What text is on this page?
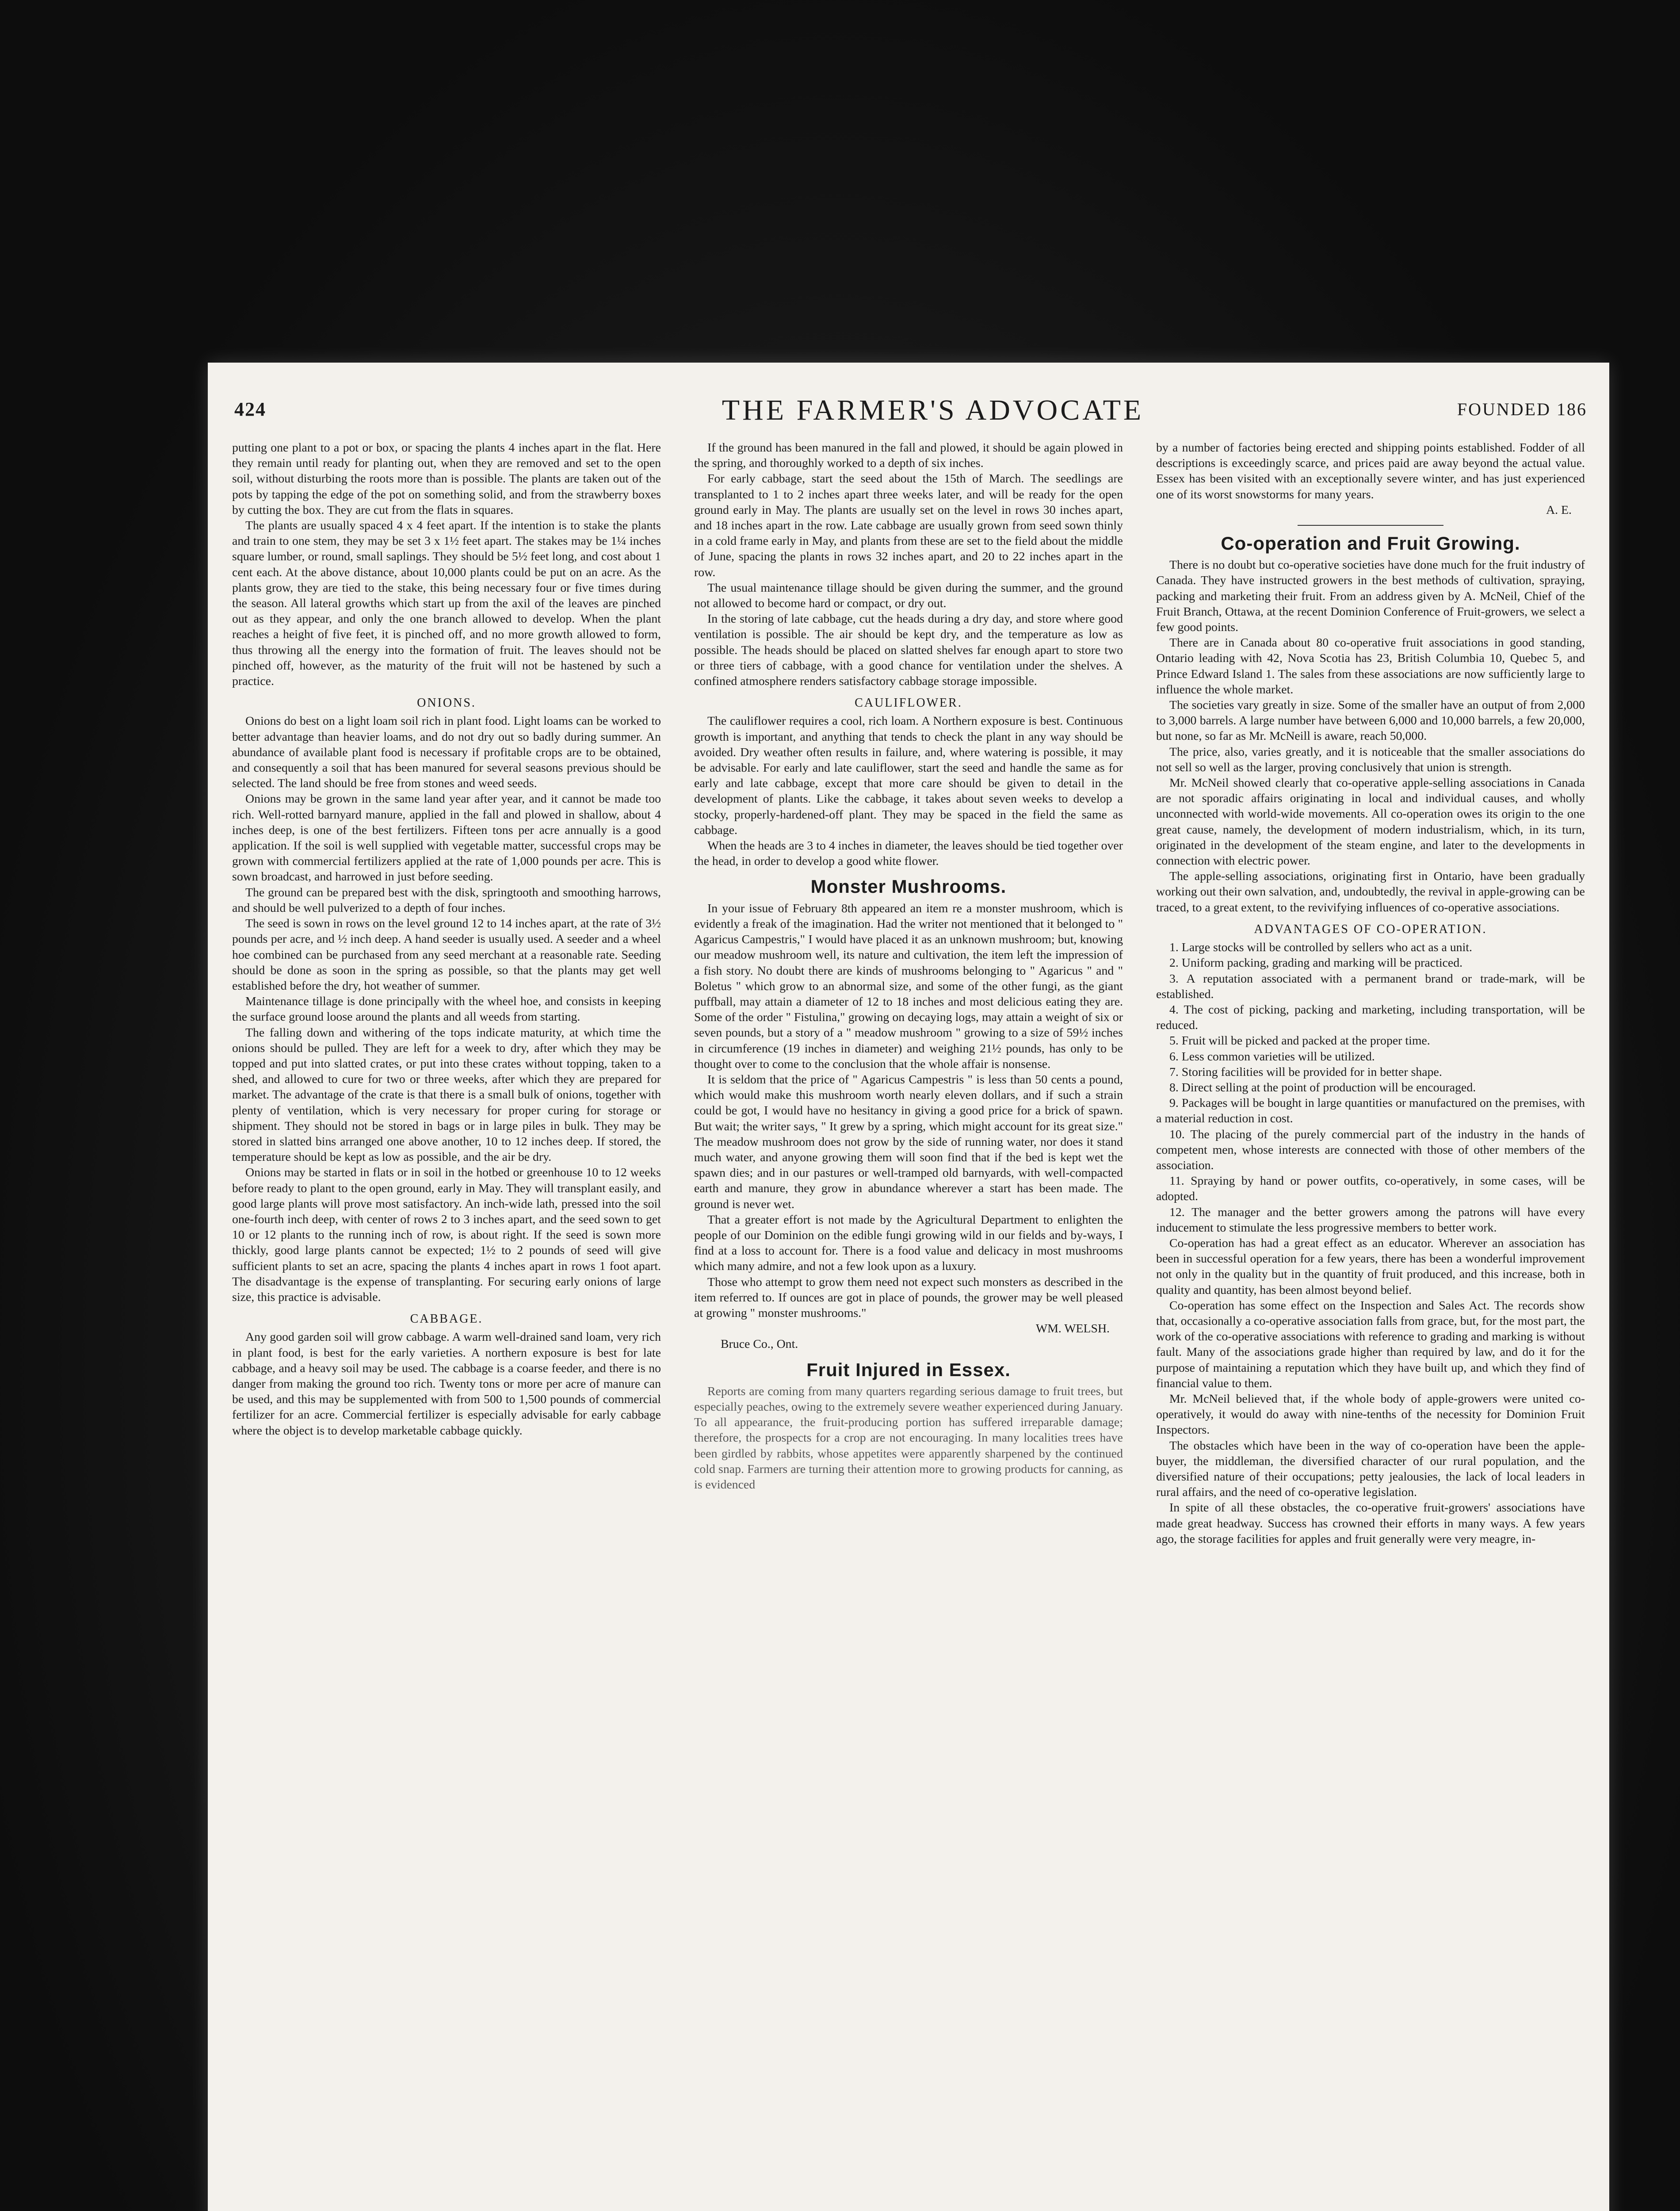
424	THE FARMER'S ADVOCATE	FOUNDED 186

putting one plant to a pot or box, or spacing the plants 4 inches apart in the flat. Here they remain until ready for planting out, when they are removed and set to the open soil, without disturbing the roots more than is possible. The plants are taken out of the pots by tapping the edge of the pot on something solid, and from the strawberry boxes by cutting the box. They are cut from the flats in squares.

The plants are usually spaced 4 x 4 feet apart. If the intention is to stake the plants and train to one stem, they may be set 3 x 1½ feet apart. The stakes may be 1¼ inches square lumber, or round, small saplings. They should be 5½ feet long, and cost about 1 cent each. At the above distance, about 10,000 plants could be put on an acre. As the plants grow, they are tied to the stake, this being necessary four or five times during the season. All lateral growths which start up from the axil of the leaves are pinched out as they appear, and only the one branch allowed to develop. When the plant reaches a height of five feet, it is pinched off, and no more growth allowed to form, thus throwing all the energy into the formation of fruit. The leaves should not be pinched off, however, as the maturity of the fruit will not be hastened by such a practice.

ONIONS.

Onions do best on a light loam soil rich in plant food. Light loams can be worked to better advantage than heavier loams, and do not dry out so badly during summer. An abundance of available plant food is necessary if profitable crops are to be obtained, and consequently a soil that has been manured for several seasons previous should be selected. The land should be free from stones and weed seeds.

Onions may be grown in the same land year after year, and it cannot be made too rich. Well-rotted barnyard manure, applied in the fall and plowed in shallow, about 4 inches deep, is one of the best fertilizers. Fifteen tons per acre annually is a good application. If the soil is well supplied with vegetable matter, successful crops may be grown with commercial fertilizers applied at the rate of 1,000 pounds per acre. This is sown broadcast, and harrowed in just before seeding.

The ground can be prepared best with the disk, springtooth and smoothing harrows, and should be well pulverized to a depth of four inches.

The seed is sown in rows on the level ground 12 to 14 inches apart, at the rate of 3½ pounds per acre, and ½ inch deep. A hand seeder is usually used. A seeder and a wheel hoe combined can be purchased from any seed merchant at a reasonable rate. Seeding should be done as soon in the spring as possible, so that the plants may get well established before the dry, hot weather of summer.

Maintenance tillage is done principally with the wheel hoe, and consists in keeping the surface ground loose around the plants and all weeds from starting.

The falling down and withering of the tops indicate maturity, at which time the onions should be pulled. They are left for a week to dry, after which they may be topped and put into slatted crates, or put into these crates without topping, taken to a shed, and allowed to cure for two or three weeks, after which they are prepared for market. The advantage of the crate is that there is a small bulk of onions, together with plenty of ventilation, which is very necessary for proper curing for storage or shipment. They should not be stored in bags or in large piles in bulk. They may be stored in slatted bins arranged one above another, 10 to 12 inches deep. If stored, the temperature should be kept as low as possible, and the air be dry.

Onions may be started in flats or in soil in the hotbed or greenhouse 10 to 12 weeks before ready to plant to the open ground, early in May. They will transplant easily, and good large plants will prove most satisfactory. An inch-wide lath, pressed into the soil one-fourth inch deep, with center of rows 2 to 3 inches apart, and the seed sown to get 10 or 12 plants to the running inch of row, is about right. If the seed is sown more thickly, good large plants cannot be expected; 1½ to 2 pounds of seed will give sufficient plants to set an acre, spacing the plants 4 inches apart in rows 1 foot apart. The disadvantage is the expense of transplanting. For securing early onions of large size, this practice is advisable.

CABBAGE.

Any good garden soil will grow cabbage. A warm well-drained sand loam, very rich in plant food, is best for the early varieties. A northern exposure is best for late cabbage, and a heavy soil may be used. The cabbage is a coarse feeder, and there is no danger from making the ground too rich. Twenty tons or more per acre of manure can be used, and this may be supplemented with from 500 to 1,500 pounds of commercial fertilizer for an acre. Commercial fertilizer is especially advisable for early cabbage where the object is to develop marketable cabbage quickly.

If the ground has been manured in the fall and plowed, it should be again plowed in the spring, and thoroughly worked to a depth of six inches.

For early cabbage, start the seed about the 15th of March. The seedlings are transplanted to 1 to 2 inches apart three weeks later, and will be ready for the open ground early in May. The plants are usually set on the level in rows 30 inches apart, and 18 inches apart in the row. Late cabbage are usually grown from seed sown thinly in a cold frame early in May, and plants from these are set to the field about the middle of June, spacing the plants in rows 32 inches apart, and 20 to 22 inches apart in the row.

The usual maintenance tillage should be given during the summer, and the ground not allowed to become hard or compact, or dry out.

In the storing of late cabbage, cut the heads during a dry day, and store where good ventilation is possible. The air should be kept dry, and the temperature as low as possible. The heads should be placed on slatted shelves far enough apart to store two or three tiers of cabbage, with a good chance for ventilation under the shelves. A confined atmosphere renders satisfactory cabbage storage impossible.

CAULIFLOWER.

The cauliflower requires a cool, rich loam. A Northern exposure is best. Continuous growth is important, and anything that tends to check the plant in any way should be avoided. Dry weather often results in failure, and, where watering is possible, it may be advisable. For early and late cauliflower, start the seed and handle the same as for early and late cabbage, except that more care should be given to detail in the development of plants. Like the cabbage, it takes about seven weeks to develop a stocky, properly-hardened-off plant. They may be spaced in the field the same as cabbage.

When the heads are 3 to 4 inches in diameter, the leaves should be tied together over the head, in order to develop a good white flower.

Monster Mushrooms.

In your issue of February 8th appeared an item re a monster mushroom, which is evidently a freak of the imagination. Had the writer not mentioned that it belonged to " Agaricus Campestris," I would have placed it as an unknown mushroom; but, knowing our meadow mushroom well, its nature and cultivation, the item left the impression of a fish story. No doubt there are kinds of mushrooms belonging to " Agaricus " and " Boletus " which grow to an abnormal size, and some of the other fungi, as the giant puffball, may attain a diameter of 12 to 18 inches and most delicious eating they are. Some of the order " Fistulina," growing on decaying logs, may attain a weight of six or seven pounds, but a story of a " meadow mushroom " growing to a size of 59½ inches in circumference (19 inches in diameter) and weighing 21½ pounds, has only to be thought over to come to the conclusion that the whole affair is nonsense.

It is seldom that the price of " Agaricus Campestris " is less than 50 cents a pound, which would make this mushroom worth nearly eleven dollars, and if such a strain could be got, I would have no hesitancy in giving a good price for a brick of spawn. But wait; the writer says, " It grew by a spring, which might account for its great size." The meadow mushroom does not grow by the side of running water, nor does it stand much water, and anyone growing them will soon find that if the bed is kept wet the spawn dies; and in our pastures or well-tramped old barnyards, with well-compacted earth and manure, they grow in abundance wherever a start has been made. The ground is never wet.

That a greater effort is not made by the Agricultural Department to enlighten the people of our Dominion on the edible fungi growing wild in our fields and by-ways, I find at a loss to account for. There is a food value and delicacy in most mushrooms which many admire, and not a few look upon as a luxury.

Those who attempt to grow them need not expect such monsters as described in the item referred to. If ounces are got in place of pounds, the grower may be well pleased at growing " monster mushrooms."

WM. WELSH.
Bruce Co., Ont.
Fruit Injured in Essex.

Reports are coming from many quarters regarding serious damage to fruit trees, but especially peaches, owing to the extremely severe weather experienced during January. To all appearance, the fruit-producing portion has suffered irreparable damage; therefore, the prospects for a crop are not encouraging. In many localities trees have been girdled by rabbits, whose appetites were apparently sharpened by the continued cold snap. Farmers are turning their attention more to growing products for canning, as is evidenced

by a number of factories being erected and shipping points established. Fodder of all descriptions is exceedingly scarce, and prices paid are away beyond the actual value. Essex has been visited with an exceptionally severe winter, and has just experienced one of its worst snowstorms for many years.

A. E.
Co-operation and Fruit Growing.

There is no doubt but co-operative societies have done much for the fruit industry of Canada. They have instructed growers in the best methods of cultivation, spraying, packing and marketing their fruit. From an address given by A. McNeil, Chief of the Fruit Branch, Ottawa, at the recent Dominion Conference of Fruit-growers, we select a few good points.

There are in Canada about 80 co-operative fruit associations in good standing, Ontario leading with 42, Nova Scotia has 23, British Columbia 10, Quebec 5, and Prince Edward Island 1. The sales from these associations are now sufficiently large to influence the whole market.

The societies vary greatly in size. Some of the smaller have an output of from 2,000 to 3,000 barrels. A large number have between 6,000 and 10,000 barrels, a few 20,000, but none, so far as Mr. McNeill is aware, reach 50,000.

The price, also, varies greatly, and it is noticeable that the smaller associations do not sell so well as the larger, proving conclusively that union is strength.

Mr. McNeil showed clearly that co-operative apple-selling associations in Canada are not sporadic affairs originating in local and individual causes, and wholly unconnected with world-wide movements. All co-operation owes its origin to the one great cause, namely, the development of modern industrialism, which, in its turn, originated in the development of the steam engine, and later to the developments in connection with electric power.

The apple-selling associations, originating first in Ontario, have been gradually working out their own salvation, and, undoubtedly, the revival in apple-growing can be traced, to a great extent, to the revivifying influences of co-operative associations.

ADVANTAGES OF CO-OPERATION.

1. Large stocks will be controlled by sellers who act as a unit.

2. Uniform packing, grading and marking will be practiced.

3. A reputation associated with a permanent brand or trade-mark, will be established.

4. The cost of picking, packing and marketing, including transportation, will be reduced.

5. Fruit will be picked and packed at the proper time.

6. Less common varieties will be utilized.

7. Storing facilities will be provided for in better shape.

8. Direct selling at the point of production will be encouraged.

9. Packages will be bought in large quantities or manufactured on the premises, with a material reduction in cost.

10. The placing of the purely commercial part of the industry in the hands of competent men, whose interests are connected with those of other members of the association.

11. Spraying by hand or power outfits, co-operatively, in some cases, will be adopted.

12. The manager and the better growers among the patrons will have every inducement to stimulate the less progressive members to better work.

Co-operation has had a great effect as an educator. Wherever an association has been in successful operation for a few years, there has been a wonderful improvement not only in the quality but in the quantity of fruit produced, and this increase, both in quality and quantity, has been almost beyond belief.

Co-operation has some effect on the Inspection and Sales Act. The records show that, occasionally a co-operative association falls from grace, but, for the most part, the work of the co-operative associations with reference to grading and marking is without fault. Many of the associations grade higher than required by law, and do it for the purpose of maintaining a reputation which they have built up, and which they find of financial value to them.

Mr. McNeil believed that, if the whole body of apple-growers were united co-operatively, it would do away with nine-tenths of the necessity for Dominion Fruit Inspectors.

The obstacles which have been in the way of co-operation have been the apple-buyer, the middleman, the diversified character of our rural population, and the diversified nature of their occupations; petty jealousies, the lack of local leaders in rural affairs, and the need of co-operative legislation.

In spite of all these obstacles, the co-operative fruit-growers' associations have made great headway. Success has crowned their efforts in many ways. A few years ago, the storage facilities for apples and fruit generally were very meagre, in-
